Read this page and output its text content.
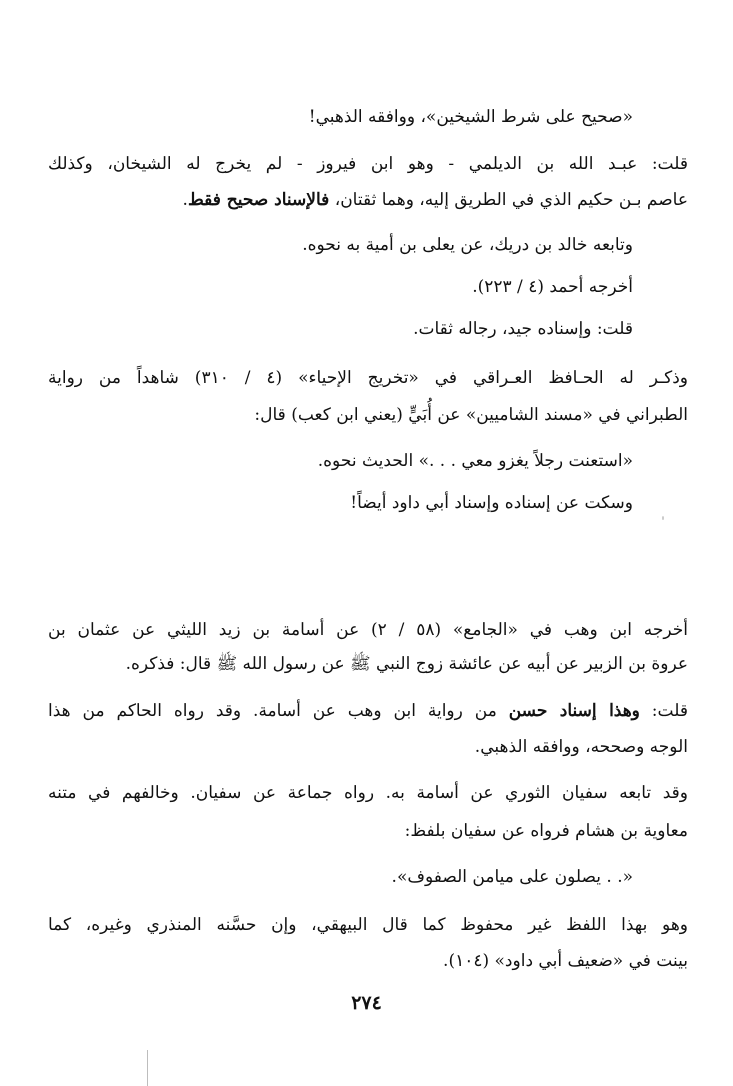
«صحيح على شرط الشيخين»، ووافقه الذهبي!
قلت: عبـد الله بن الديلمي - وهو ابن فيروز - لم يخرج له الشيخان، وكذلك
عاصم بـن حكيم الذي في الطريق إليه، وهما ثقتان، فالإسناد صحيح فقط.
وتابعه خالد بن دريك، عن يعلى بن أمية به نحوه.
أخرجه أحمد (٤ / ٢٢٣).
قلت: وإسناده جيد، رجاله ثقات.
وذكـر له الحـافظ العـراقي في «تخريج الإحياء» (٤ / ٣١٠) شاهداً من رواية
الطبراني في «مسند الشاميين» عن أُبَيٍّ (يعني ابن كعب) قال:
«استعنت رجلاً يغزو معي . . .» الحديث نحوه.
وسكت عن إسناده وإسناد أبي داود أيضاً!
أخرجه ابن وهب في «الجامع» (٥٨ / ٢) عن أسامة بن زيد الليثي عن عثمان بن
عروة بن الزبير عن أبيه عن عائشة زوج النبي ﷺ عن رسول الله ﷺ قال: فذكره.
قلت: وهذا إسناد حسن من رواية ابن وهب عن أسامة. وقد رواه الحاكم من هذا
الوجه وصححه، ووافقه الذهبي.
وقد تابعه سفيان الثوري عن أسامة به. رواه جماعة عن سفيان. وخالفهم في متنه
معاوية بن هشام فرواه عن سفيان بلفظ:
«. . يصلون على ميامن الصفوف».
وهو بهذا اللفظ غير محفوظ كما قال البيهقي، وإن حسَّنه المنذري وغيره، كما
بينت في «ضعيف أبي داود» (١٠٤).
٢٧٤
